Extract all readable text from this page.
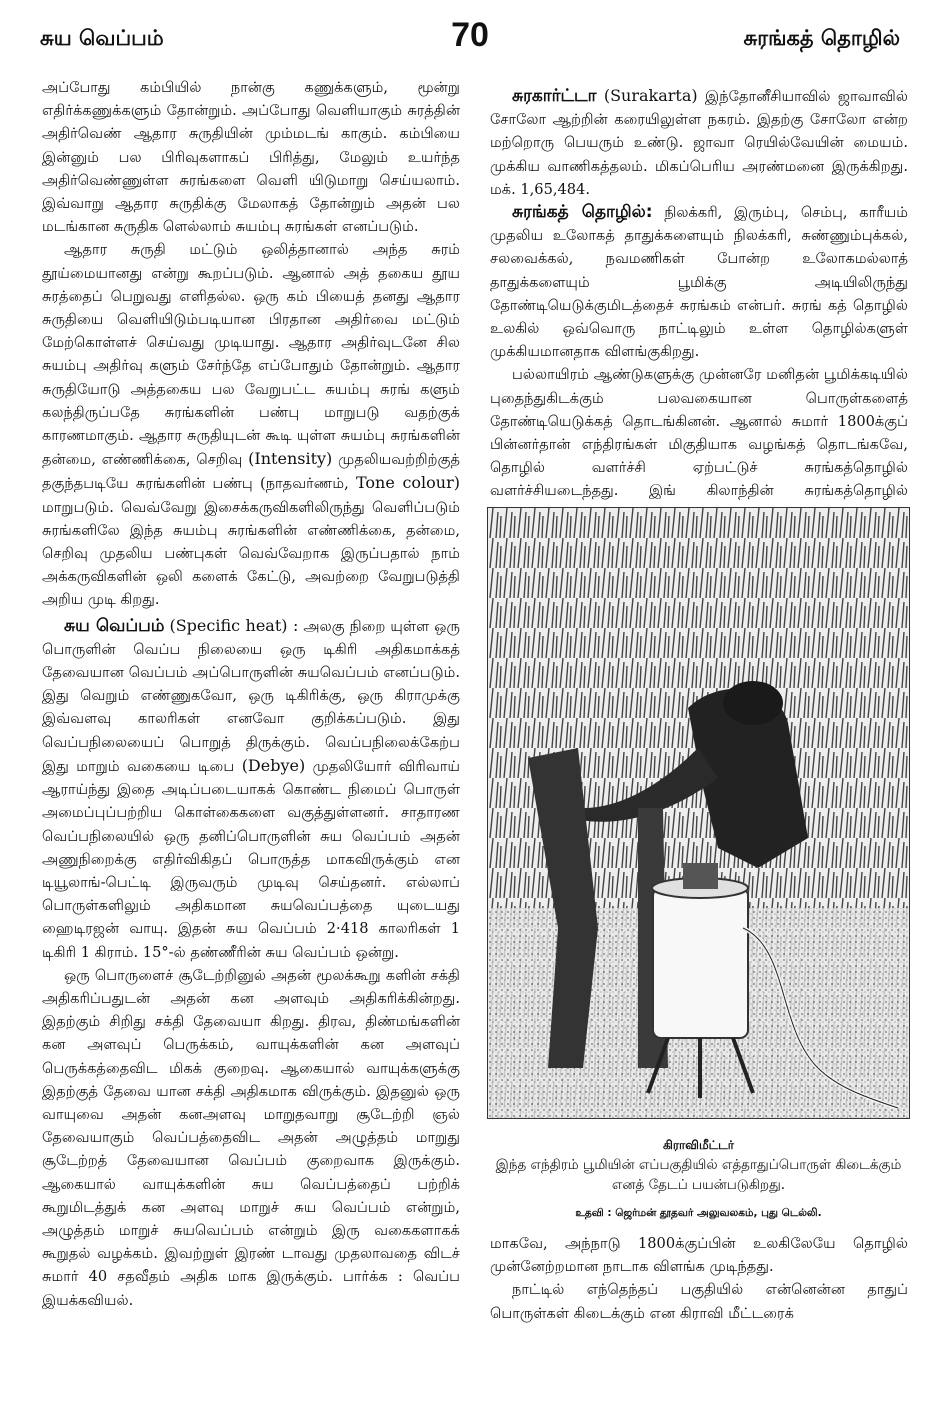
சுய வெப்பம்	70	சுரங்கத் தொழில்

அப்போது கம்பியில் நான்கு கணுக்களும், மூன்று எதிர்க்கணுக்களும் தோன்றும். அப்போது வெளியாகும் சுரத்தின் அதிர்வெண் ஆதார சுருதியின் மும்மடங் காகும். கம்பியை இன்னும் பல பிரிவுகளாகப் பிரித்து, மேலும் உயர்ந்த அதிர்வெண்ணுள்ள சுரங்களை வெளி யிடுமாறு செய்யலாம். இவ்வாறு ஆதார சுருதிக்கு மேலாகத் தோன்றும் அதன் பல மடங்கான சுருதிக ளெல்லாம் சுயம்பு சுரங்கள் எனப்படும்.

ஆதார சுருதி மட்டும் ஒலித்தானால் அந்த சுரம் தூய்மையானது என்று கூறப்படும். ஆனால் அத் தகைய தூய சுரத்தைப் பெறுவது எளிதல்ல. ஒரு கம் பியைத் தனது ஆதார சுருதியை வெளியிடும்படியான பிரதான அதிர்வை மட்டும் மேற்கொள்ளச் செய்வது முடியாது. ஆதார அதிர்வுடனே சில சுயம்பு அதிர்வு களும் சேர்ந்தே எப்போதும் தோன்றும். ஆதார சுருதியோடு அத்தகைய பல வேறுபட்ட சுயம்பு சுரங் களும் கலந்திருப்பதே சுரங்களின் பண்பு மாறுபடு வதற்குக் காரணமாகும். ஆதார சுருதியுடன் கூடி யுள்ள சுயம்பு சுரங்களின் தன்மை, எண்ணிக்கை, செறிவு (Intensity) முதலியவற்றிற்குத் தகுந்தபடியே சுரங்களின் பண்பு (நாதவர்ணம், Tone colour) மாறுபடும். வெவ்வேறு இசைக்கருவிகளிலிருந்து வெளிப்படும் சுரங்களிலே இந்த சுயம்பு சுரங்களின் எண்ணிக்கை, தன்மை, செறிவு முதலிய பண்புகள் வெவ்வேறாக இருப்பதால் நாம் அக்கருவிகளின் ஒலி களைக் கேட்டு, அவற்றை வேறுபடுத்தி அறிய முடி கிறது.

சுய வெப்பம் (Specific heat) : அலகு நிறை யுள்ள ஒரு பொருளின் வெப்ப நிலையை ஒரு டிகிரி அதிகமாக்கத் தேவையான வெப்பம் அப்பொருளின் சுயவெப்பம் எனப்படும். இது வெறும் எண்ணுகவோ, ஒரு டிகிரிக்கு, ஒரு கிராமுக்கு இவ்வளவு காலரிகள் எனவோ குறிக்கப்படும். இது வெப்பநிலையைப் பொறுத் திருக்கும். வெப்பநிலைக்கேற்ப இது மாறும் வகையை டிபை (Debye) முதலியோர் விரிவாய் ஆராய்ந்து இதை அடிப்படையாகக் கொண்ட நிமைப் பொருள் அமைப்புப்பற்றிய கொள்கைகளை வகுத்துள்ளனர். சாதாரண வெப்பநிலையில் ஒரு தனிப்பொருளின் சுய வெப்பம் அதன் அணுநிறைக்கு எதிர்விகிதப் பொருத்த மாகவிருக்கும் என டியூலாங்-பெட்டி இருவரும் முடிவு செய்தனர். எல்லாப் பொருள்களிலும் அதிகமான சுயவெப்பத்தை யுடையது ஹைடிரஜன் வாயு. இதன் சுய வெப்பம் 2·418 காலரிகள் 1 டிகிரி 1 கிராம். 15°-ல் தண்ணீரின் சுய வெப்பம் ஒன்று.

ஒரு பொருளைச் சூடேற்றினுல் அதன் மூலக்கூறு களின் சக்தி அதிகரிப்பதுடன் அதன் கன அளவும் அதிகரிக்கின்றது. இதற்கும் சிறிது சக்தி தேவையா கிறது. திரவ, திண்மங்களின் கன அளவுப் பெருக்கம், வாயுக்களின் கன அளவுப் பெருக்கத்தைவிட மிகக் குறைவு. ஆகையால் வாயுக்களுக்கு இதற்குத் தேவை யான சக்தி அதிகமாக விருக்கும். இதனுல் ஒரு வாயுவை அதன் கனஅளவு மாறுதவாறு சூடேற்றி ஞல் தேவையாகும் வெப்பத்தைவிட அதன் அழுத்தம் மாறுது சூடேற்றத் தேவையான வெப்பம் குறைவாக இருக்கும். ஆகையால் வாயுக்களின் சுய வெப்பத்தைப் பற்றிக் கூறுமிடத்துக் கன அளவு மாறுச் சுய வெப்பம் என்றும், அழுத்தம் மாறுச் சுயவெப்பம் என்றும் இரு வகைகளாகக் கூறுதல் வழக்கம். இவற்றுள் இரண் டாவது முதலாவதை விடச் சுமார் 40 சதவீதம் அதிக மாக இருக்கும். பார்க்க : வெப்ப இயக்கவியல்.

சுரகார்ட்டா (Surakarta) இந்தோனீசியாவில் ஜாவாவில் சோலோ ஆற்றின் கரையிலுள்ள நகரம். இதற்கு சோலோ என்ற மற்றொரு பெயரும் உண்டு. ஜாவா ரெயில்வேயின் மையம். முக்கிய வாணிகத்தலம். மிகப்பெரிய அரண்மனை இருக்கிறது. மக். 1,65,484.

சுரங்கத் தொழில்: நிலக்கரி, இரும்பு, செம்பு, காரீயம் முதலிய உலோகத் தாதுக்களையும் நிலக்கரி, சுண்ணும்புக்கல், சலவைக்கல், நவமணிகள் போன்ற உலோகமல்லாத் தாதுக்களையும் பூமிக்கு அடியிலிருந்து தோண்டியெடுக்குமிடத்தைச் சுரங்கம் என்பர். சுரங் கத் தொழில் உலகில் ஒவ்வொரு நாட்டிலும் உள்ள தொழில்களுள் முக்கியமானதாக விளங்குகிறது.

பல்லாயிரம் ஆண்டுகளுக்கு முன்னரே மனிதன் பூமிக்கடியில் புதைந்துகிடக்கும் பலவகையான பொருள்களைத் தோண்டியெடுக்கத் தொடங்கினன். ஆனால் சுமார் 1800க்குப் பின்னர்தான் எந்திரங்கள் மிகுதியாக வழங்கத் தொடங்கவே, தொழில் வளர்ச்சி ஏற்பட்டுச் சுரங்கத்தொழில் வளர்ச்சியடைந்தது. இங் கிலாந்தின் சுரங்கத்தொழில்

கிராவிமீட்டர்
இந்த எந்திரம் பூமியின் எப்பகுதியில் எத்தாதுப்பொருள் கிடைக்கும் எனத் தேடப் பயன்படுகிறது.
உதவி : ஜெர்மன் தூதவர் அலுவலகம், புது டெல்லி.

மாகவே, அந்நாடு 1800க்குப்பின் உலகிலேயே தொழில் முன்னேற்றமான நாடாக விளங்க முடிந்தது.

நாட்டில் எந்தெந்தப் பகுதியில் என்னென்ன தாதுப் பொருள்கள் கிடைக்கும் என கிராவி மீட்டரைக்
